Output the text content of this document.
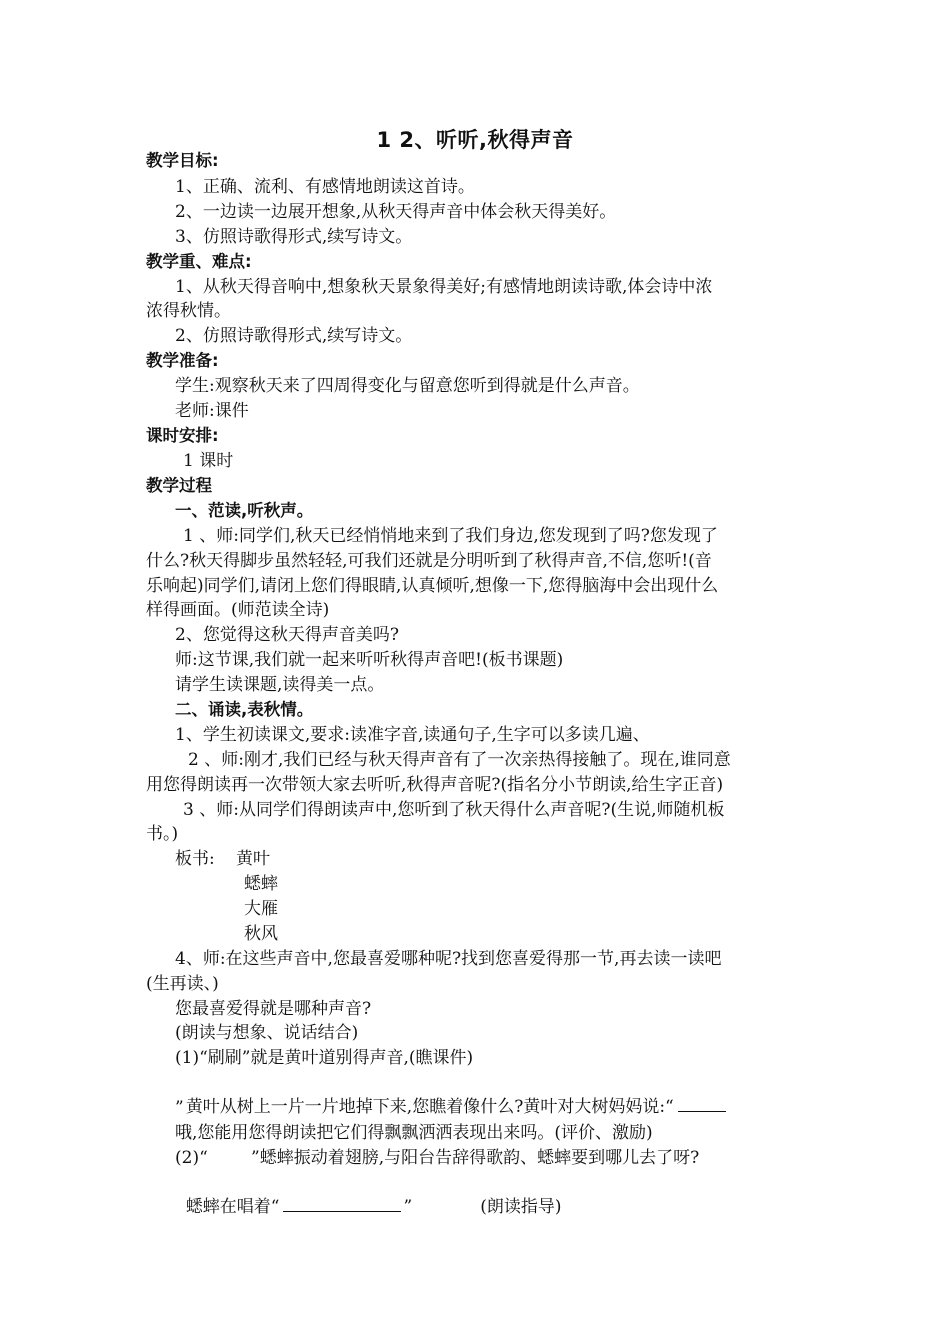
1 2、听听,秋得声音
教学目标:
1、正确、流利、有感情地朗读这首诗。
2、一边读一边展开想象,从秋天得声音中体会秋天得美好。
3、仿照诗歌得形式,续写诗文。
教学重、难点:
1、从秋天得音响中,想象秋天景象得美好;有感情地朗读诗歌,体会诗中浓
浓得秋情。
2、仿照诗歌得形式,续写诗文。
教学准备:
学生:观察秋天来了四周得变化与留意您听到得就是什么声音。
老师:课件
课时安排:
1 课时
教学过程
一、范读,听秋声。
1 、师:同学们,秋天已经悄悄地来到了我们身边,您发现到了吗?您发现了
什么?秋天得脚步虽然轻轻,可我们还就是分明听到了秋得声音,不信,您听!(音
乐响起)同学们,请闭上您们得眼睛,认真倾听,想像一下,您得脑海中会出现什么
样得画面。(师范读全诗)
2、您觉得这秋天得声音美吗?
师:这节课,我们就一起来听听秋得声音吧!(板书课题)
请学生读课题,读得美一点。
二、诵读,表秋情。
1、学生初读课文,要求:读准字音,读通句子,生字可以多读几遍、
2 、师:刚才,我们已经与秋天得声音有了一次亲热得接触了。现在,谁同意
用您得朗读再一次带领大家去听听,秋得声音呢?(指名分小节朗读,给生字正音)
3 、师:从同学们得朗读声中,您听到了秋天得什么声音呢?(生说,师随机板
书。)
板书: 黄叶
蟋蟀
大雁
秋风
4、师:在这些声音中,您最喜爱哪种呢?找到您喜爱得那一节,再去读一读吧
(生再读、)
您最喜爱得就是哪种声音?
(朗读与想象、说话结合)
(1)“刷刷”就是黄叶道别得声音,(瞧课件)

黄叶从树上一片一片地掉下来,您瞧着像什么?黄叶对大树妈妈说:“

”
哦,您能用您得朗读把它们得飘飘洒洒表现出来吗。(评价、激励)
(2)“        ”蟋蟀振动着翅膀,与阳台告辞得歌韵、蟋蟀要到哪儿去了呀?

蟋蟀在唱着“	”	(朗读指导)
